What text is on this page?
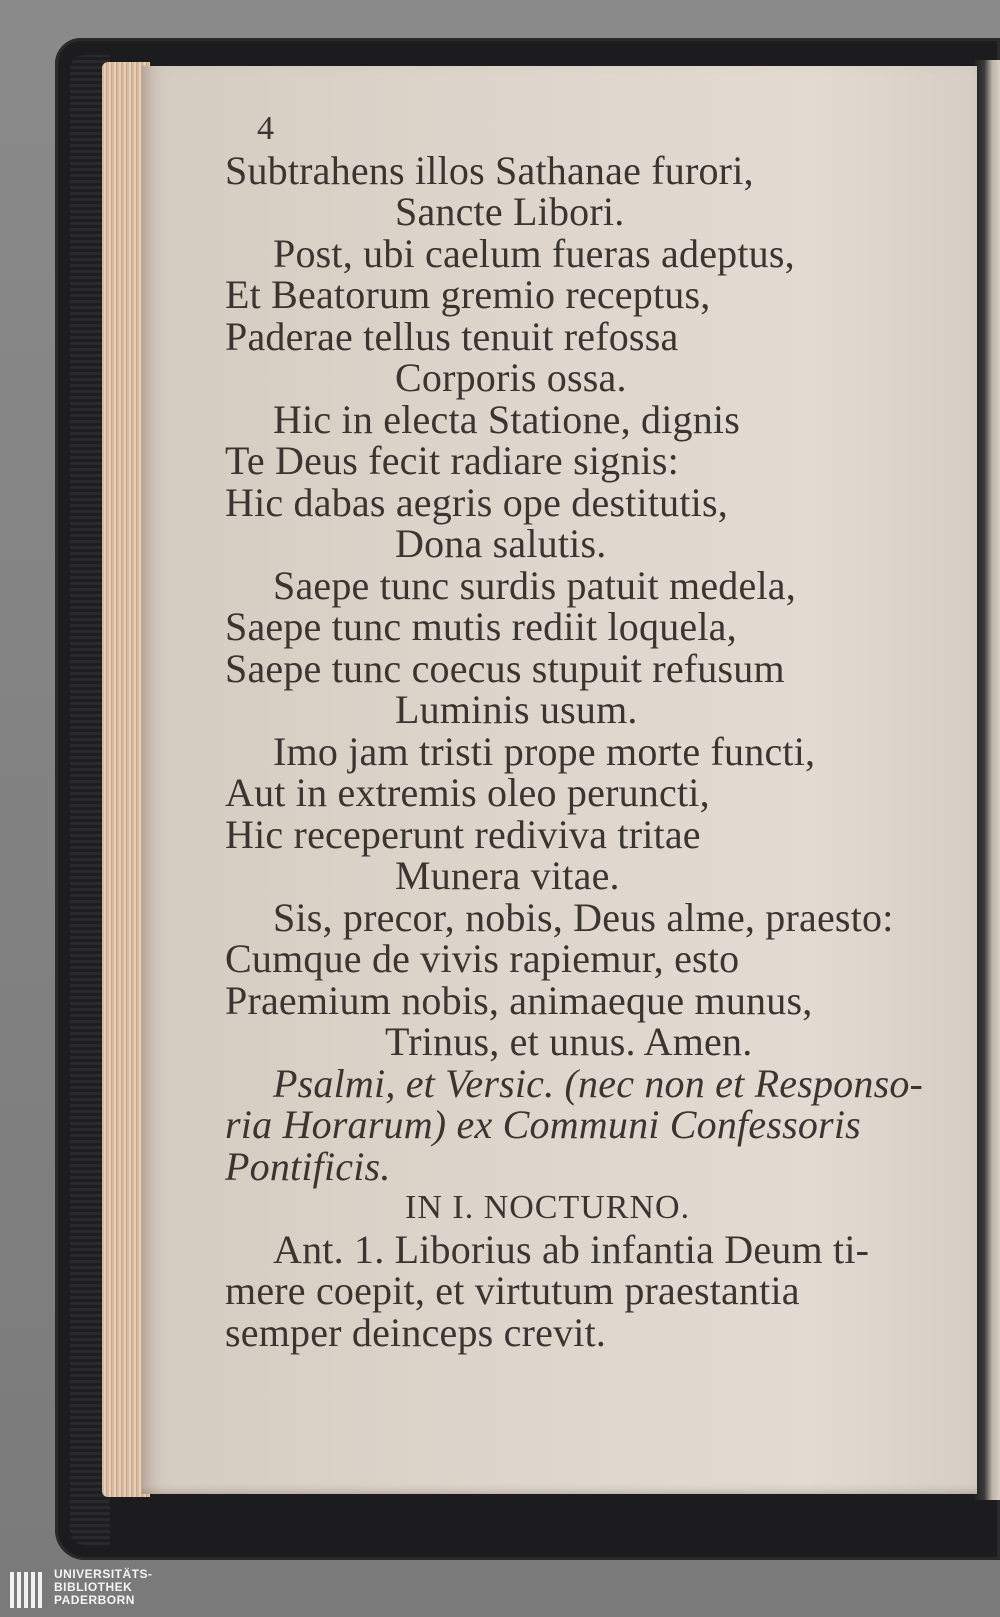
4
Subtrahens illos Sathanae furori,
Sancte Libori.
Post, ubi caelum fueras adeptus,
Et Beatorum gremio receptus,
Paderae tellus tenuit refossa
Corporis ossa.
Hic in electa Statione, dignis
Te Deus fecit radiare signis:
Hic dabas aegris ope destitutis,
Dona salutis.
Saepe tunc surdis patuit medela,
Saepe tunc mutis rediit loquela,
Saepe tunc coecus stupuit refusum
Luminis usum.
Imo jam tristi prope morte functi,
Aut in extremis oleo peruncti,
Hic receperunt rediviva tritae
Munera vitae.
Sis, precor, nobis, Deus alme, praesto:
Cumque de vivis rapiemur, esto
Praemium nobis, animaeque munus,
Trinus, et unus. Amen.
Psalmi, et Versic. (nec non et Responso-
ria Horarum) ex Communi Confessoris
Pontificis.
IN I. NOCTURNO.
Ant. 1. Liborius ab infantia Deum ti-
mere coepit, et virtutum praestantia
semper deinceps crevit.
UNIVERSITÄTS-
BIBLIOTHEK
PADERBORN
